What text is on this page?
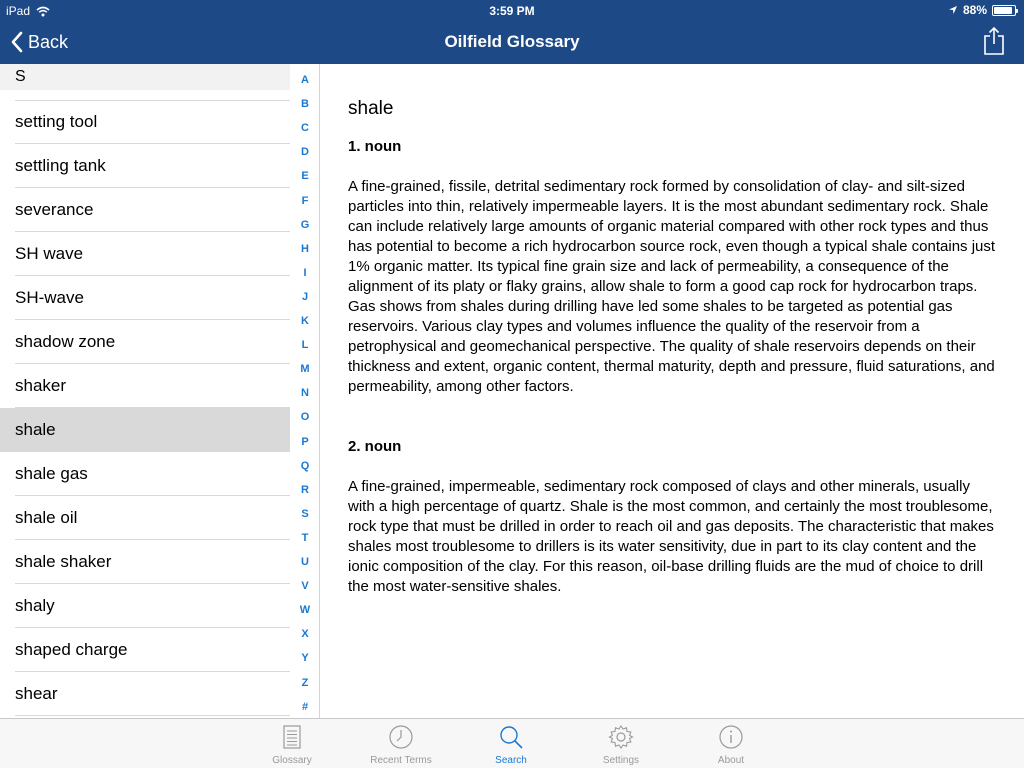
iPad	3:59 PM	88%
Back	Oilfield Glossary
S
setting tool
settling tank
severance
SH wave
SH-wave
shadow zone
shaker
shale
shale gas
shale oil
shale shaker
shaly
shaped charge
shear
A
B
C
D
E
F
G
H
I
J
K
L
M
N
O
P
Q
R
S
T
U
V
W
X
Y
Z
#
shale
1. noun
A fine-grained, fissile, detrital sedimentary rock formed by consolidation of clay- and silt-sized particles into thin, relatively impermeable layers. It is the most abundant sedimentary rock. Shale can include relatively large amounts of organic material compared with other rock types and thus has potential to become a rich hydrocarbon source rock, even though a typical shale contains just 1% organic matter. Its typical fine grain size and lack of permeability, a consequence of the alignment of its platy or flaky grains, allow shale to form a good cap rock for hydrocarbon traps. Gas shows from shales during drilling have led some shales to be targeted as potential gas reservoirs. Various clay types and volumes influence the quality of the reservoir from a petrophysical and geomechanical perspective. The quality of shale reservoirs depends on their thickness and extent, organic content, thermal maturity, depth and pressure, fluid saturations, and permeability, among other factors.
2. noun
A fine-grained, impermeable, sedimentary rock composed of clays and other minerals, usually with a high percentage of quartz. Shale is the most common, and certainly the most troublesome, rock type that must be drilled in order to reach oil and gas deposits. The characteristic that makes shales most troublesome to drillers is its water sensitivity, due in part to its clay content and the ionic composition of the clay. For this reason, oil-base drilling fluids are the mud of choice to drill the most water-sensitive shales.
Glossary	Recent Terms	Search	Settings	About
